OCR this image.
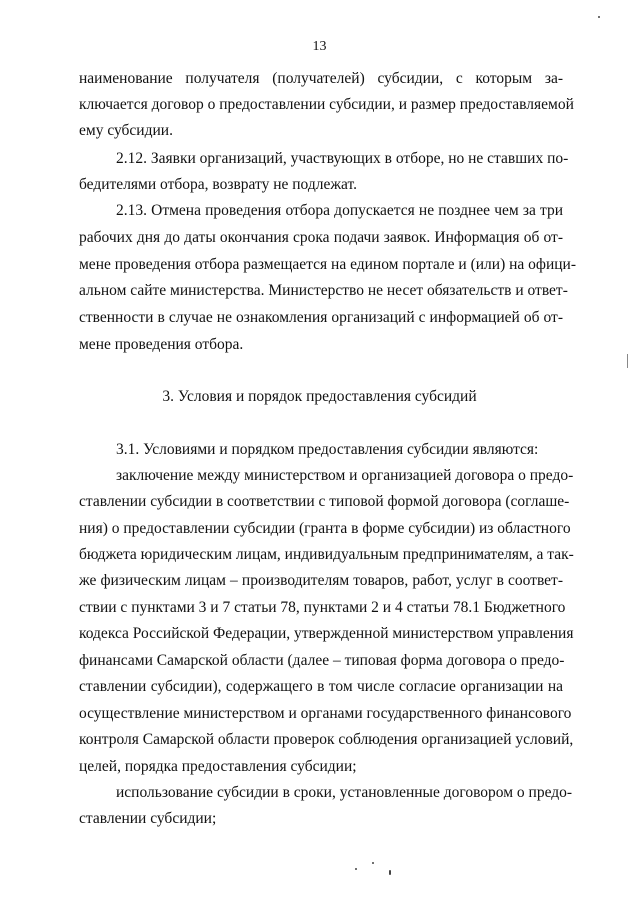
13
наименование получателя (получателей) субсидии, с которым за-
ключается договор о предоставлении субсидии, и размер предоставляемой
ему субсидии.
2.12. Заявки организаций, участвующих в отборе, но не ставших по-
бедителями отбора, возврату не подлежат.
2.13. Отмена проведения отбора допускается не позднее чем за три
рабочих дня до даты окончания срока подачи заявок. Информация об от-
мене проведения отбора размещается на едином портале и (или) на офици-
альном сайте министерства. Министерство не несет обязательств и ответ-
ственности в случае не ознакомления организаций с информацией об от-
мене проведения отбора.
3. Условия и порядок предоставления субсидий
3.1. Условиями и порядком предоставления субсидии являются:
заключение между министерством и организацией договора о предо-
ставлении субсидии в соответствии с типовой формой договора (соглаше-
ния) о предоставлении субсидии (гранта в форме субсидии) из областного
бюджета юридическим лицам, индивидуальным предпринимателям, а так-
же физическим лицам – производителям товаров, работ, услуг в соответ-
ствии с пунктами 3 и 7 статьи 78, пунктами 2 и 4 статьи 78.1 Бюджетного
кодекса Российской Федерации, утвержденной министерством управления
финансами Самарской области (далее – типовая форма договора о предо-
ставлении субсидии), содержащего в том числе согласие организации на
осуществление министерством и органами государственного финансового
контроля Самарской области проверок соблюдения организацией условий,
целей, порядка предоставления субсидии;
использование субсидии в сроки, установленные договором о предо-
ставлении субсидии;
